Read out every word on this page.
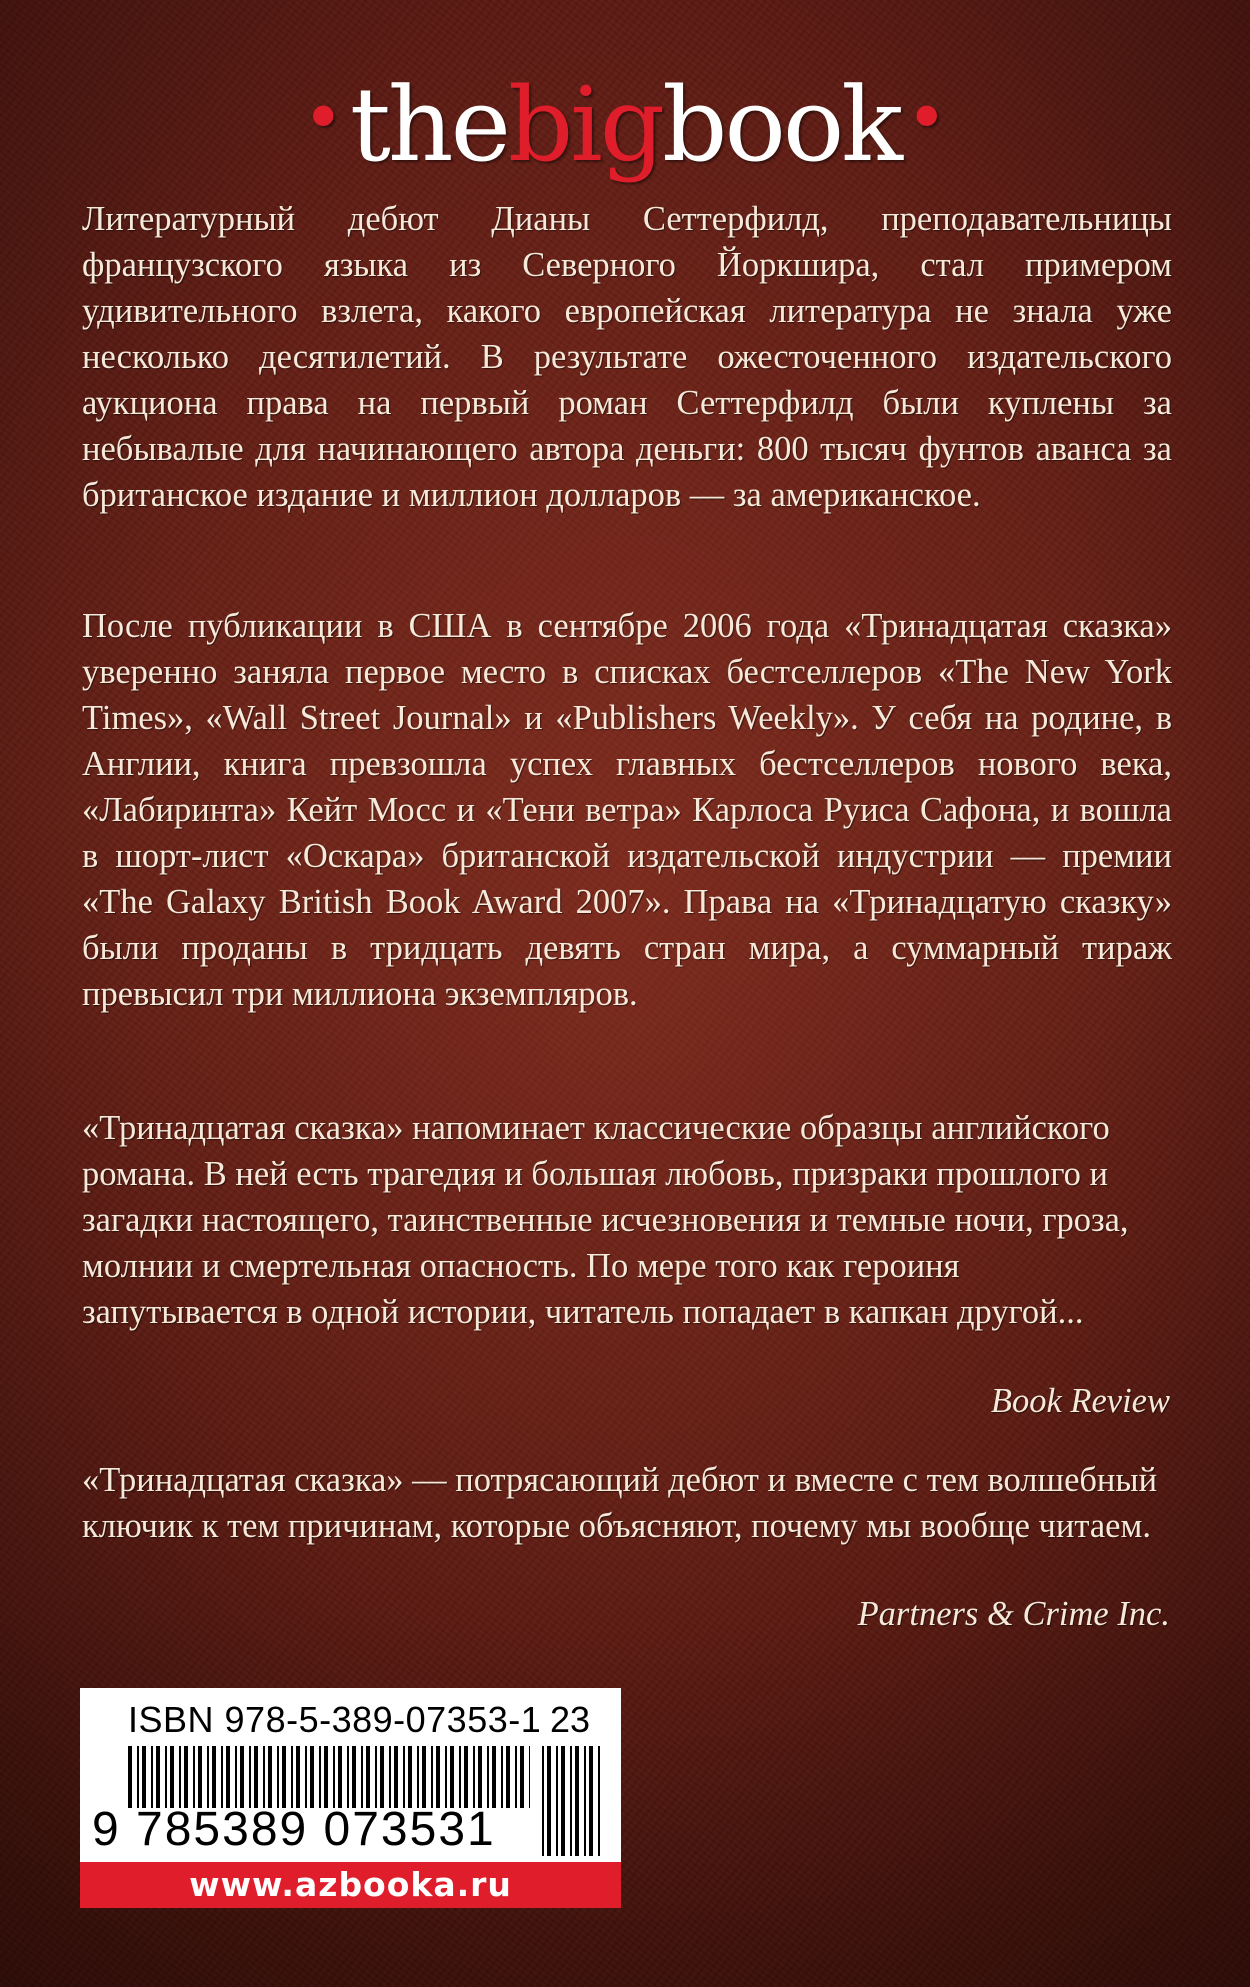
•thebigbook•
Литературный дебют Дианы Сеттерфилд, преподавательницы французского языка из Северного Йоркшира, стал примером удивительного взлета, какого европейская литература не знала уже несколько десятилетий. В результате ожесточенного издательского аукциона права на первый роман Сеттерфилд были куплены за небывалые для начинающего автора деньги: 800 тысяч фунтов аванса за британское издание и миллион долларов — за американское.
После публикации в США в сентябре 2006 года «Тринадцатая сказка» уверенно заняла первое место в списках бестселлеров «The New York Times», «Wall Street Journal» и «Publishers Weekly». У себя на родине, в Англии, книга превзошла успех главных бестселлеров нового века, «Лабиринта» Кейт Мосс и «Тени ветра» Карлоса Руиса Сафона, и вошла в шорт-лист «Оскара» британской издательской индустрии — премии «The Galaxy British Book Award 2007». Права на «Тринадцатую сказку» были проданы в тридцать девять стран мира, а суммарный тираж превысил три миллиона экземпляров.
«Тринадцатая сказка» напоминает классические образцы английского романа. В ней есть трагедия и большая любовь, призраки прошлого и загадки настоящего, таинственные исчезновения и темные ночи, гроза, молнии и смертельная опасность. По мере того как героиня запутывается в одной истории, читатель попадает в капкан другой...
Book Review
«Тринадцатая сказка» — потрясающий дебют и вместе с тем волшебный ключик к тем причинам, которые объясняют, почему мы вообще читаем.
Partners & Crime Inc.
ISBN 978-5-389-07353-1 23
9 785389 073531
www.azbooka.ru
